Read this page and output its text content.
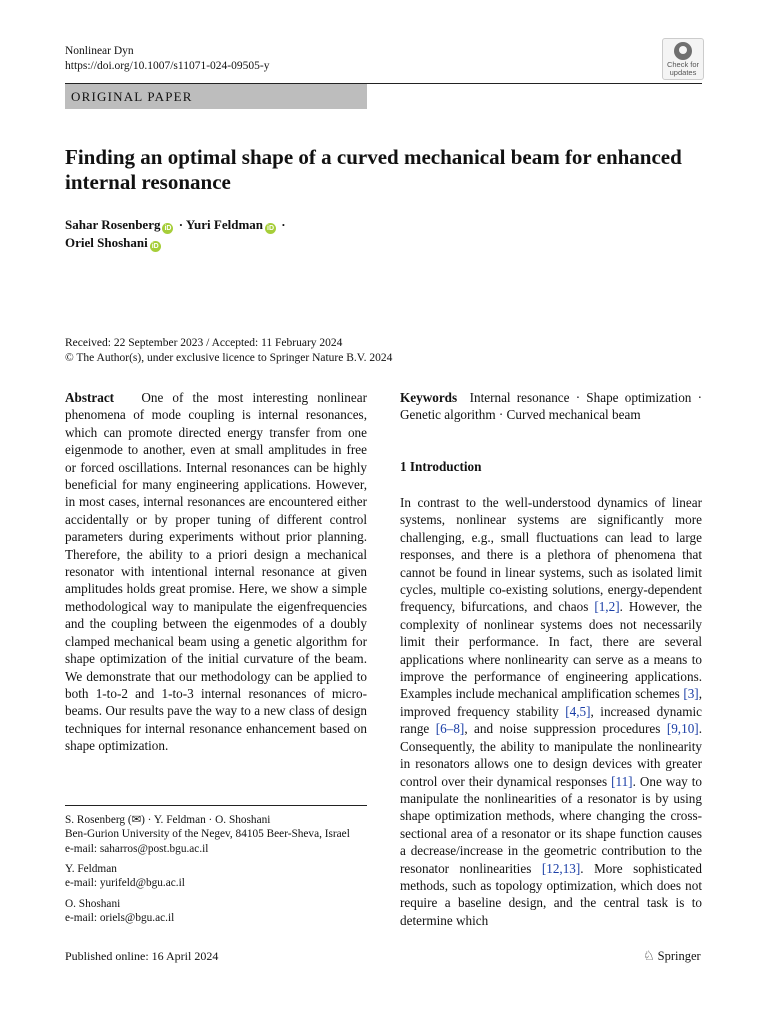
Nonlinear Dyn
https://doi.org/10.1007/s11071-024-09505-y	Check for updates
ORIGINAL PAPER
Finding an optimal shape of a curved mechanical beam for enhanced internal resonance
Sahar Rosenberg iD · Yuri Feldman iD ·
Oriel Shoshani iD
Received: 22 September 2023 / Accepted: 11 February 2024
© The Author(s), under exclusive licence to Springer Nature B.V. 2024
Abstract One of the most interesting nonlinear phenomena of mode coupling is internal resonances, which can promote directed energy transfer from one eigenmode to another, even at small amplitudes in free or forced oscillations. Internal resonances can be highly beneficial for many engineering applications. However, in most cases, internal resonances are encountered either accidentally or by proper tuning of different control parameters during experiments without prior planning. Therefore, the ability to a priori design a mechanical resonator with intentional internal resonance at given amplitudes holds great promise. Here, we show a simple methodological way to manipulate the eigenfrequencies and the coupling between the eigenmodes of a doubly clamped mechanical beam using a genetic algorithm for shape optimization of the initial curvature of the beam. We demonstrate that our methodology can be applied to both 1-to-2 and 1-to-3 internal resonances of micro-beams. Our results pave the way to a new class of design techniques for internal resonance enhancement based on shape optimization.
Keywords Internal resonance · Shape optimization · Genetic algorithm · Curved mechanical beam
1 Introduction
In contrast to the well-understood dynamics of linear systems, nonlinear systems are significantly more challenging, e.g., small fluctuations can lead to large responses, and there is a plethora of phenomena that cannot be found in linear systems, such as isolated limit cycles, multiple co-existing solutions, energy-dependent frequency, bifurcations, and chaos [1,2]. However, the complexity of nonlinear systems does not necessarily limit their performance. In fact, there are several applications where nonlinearity can serve as a means to improve the performance of engineering applications. Examples include mechanical amplification schemes [3], improved frequency stability [4,5], increased dynamic range [6–8], and noise suppression procedures [9,10]. Consequently, the ability to manipulate the nonlinearity in resonators allows one to design devices with greater control over their dynamical responses [11]. One way to manipulate the nonlinearities of a resonator is by using shape optimization methods, where changing the cross-sectional area of a resonator or its shape function causes a decrease/increase in the geometric contribution to the resonator nonlinearities [12,13]. More sophisticated methods, such as topology optimization, which does not require a baseline design, and the central task is to determine which
S. Rosenberg (✉) · Y. Feldman · O. Shoshani
Ben-Gurion University of the Negev, 84105 Beer-Sheva, Israel
e-mail: saharros@post.bgu.ac.il
Y. Feldman
e-mail: yurifeld@bgu.ac.il
O. Shoshani
e-mail: oriels@bgu.ac.il
Published online: 16 April 2024	♘ Springer
